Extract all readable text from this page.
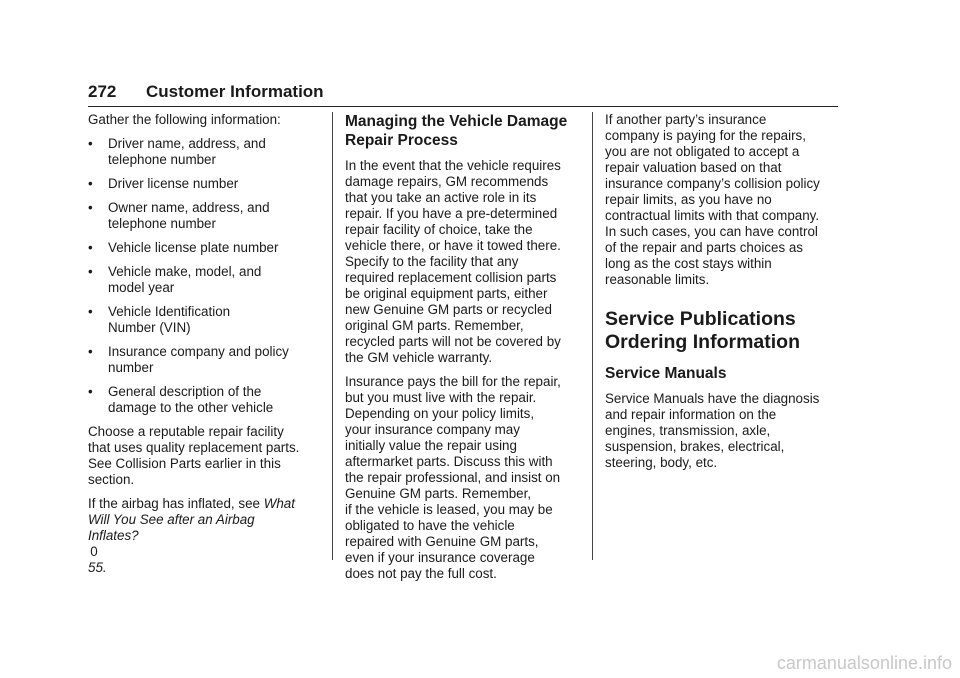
272	Customer Information

Gather the following information:

•	Driver name, address, and
telephone number
•	Driver license number
•	Owner name, address, and
telephone number
•	Vehicle license plate number
•	Vehicle make, model, and
model year
•	Vehicle Identification
Number (VIN)
•	Insurance company and policy
number
•	General description of the
damage to the other vehicle

Choose a reputable repair facility
that uses quality replacement parts.
See Collision Parts earlier in this
section.

If the airbag has inflated, see What
Will You See after an Airbag
Inflates?
0
55.

Managing the Vehicle Damage
Repair Process

In the event that the vehicle requires
damage repairs, GM recommends
that you take an active role in its
repair. If you have a pre-determined
repair facility of choice, take the
vehicle there, or have it towed there.
Specify to the facility that any
required replacement collision parts
be original equipment parts, either
new Genuine GM parts or recycled
original GM parts. Remember,
recycled parts will not be covered by
the GM vehicle warranty.

Insurance pays the bill for the repair,
but you must live with the repair.
Depending on your policy limits,
your insurance company may
initially value the repair using
aftermarket parts. Discuss this with
the repair professional, and insist on
Genuine GM parts. Remember,
if the vehicle is leased, you may be
obligated to have the vehicle
repaired with Genuine GM parts,
even if your insurance coverage
does not pay the full cost.

If another party’s insurance
company is paying for the repairs,
you are not obligated to accept a
repair valuation based on that
insurance company’s collision policy
repair limits, as you have no
contractual limits with that company.
In such cases, you can have control
of the repair and parts choices as
long as the cost stays within
reasonable limits.

Service Publications
Ordering Information
Service Manuals

Service Manuals have the diagnosis
and repair information on the
engines, transmission, axle,
suspension, brakes, electrical,
steering, body, etc.

carmanualsonline.info
